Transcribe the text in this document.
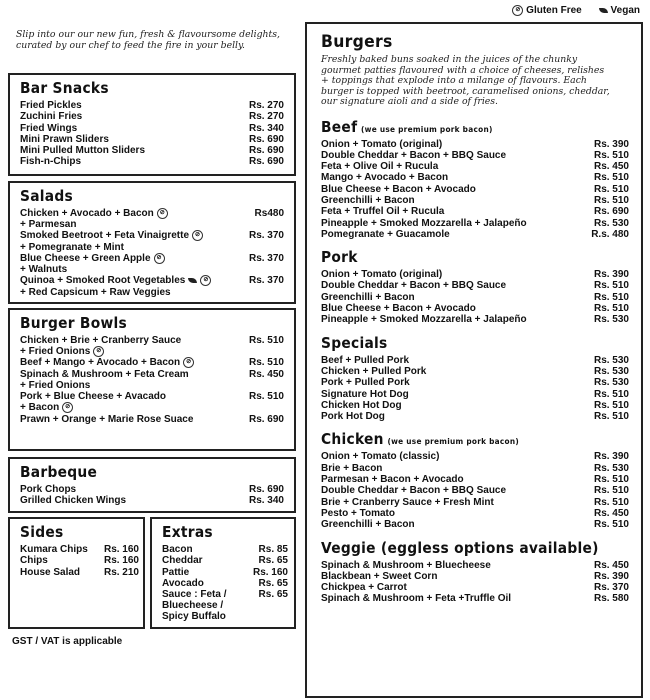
⊘ Gluten Free	Vegan
Slip into our our new fun, fresh & flavoursome delights, curated by our chef to feed the fire in your belly.
Bar Snacks
Fried Pickles	Rs. 270
Zuchini Fries	Rs. 270
Fried Wings	Rs. 340
Mini Prawn Sliders	Rs. 690
Mini Pulled Mutton Sliders	Rs. 690
Fish-n-Chips	Rs. 690
Salads
Chicken + Avocado + Bacon ⊘	Rs480
+ Parmesan
Smoked Beetroot + Feta Vinaigrette ⊘	Rs. 370
+ Pomegranate + Mint
Blue Cheese + Green Apple ⊘	Rs. 370
+ Walnuts
Quinoa + Smoked Root Vegetables	⊘	Rs. 370
+ Red Capsicum + Raw Veggies
Burger Bowls
Chicken + Brie + Cranberry Sauce	Rs. 510
+ Fried Onions ⊘
Beef + Mango + Avocado + Bacon ⊘	Rs. 510
Spinach & Mushroom + Feta Cream	Rs. 450
+ Fried Onions
Pork + Blue Cheese + Avacado	Rs. 510
+ Bacon ⊘
Prawn + Orange + Marie Rose Suace	Rs. 690
Barbeque
Pork Chops	Rs. 690
Grilled Chicken Wings	Rs. 340
Sides
Kumara Chips	Rs. 160
Chips	Rs. 160
House Salad	Rs. 210
Extras
Bacon	Rs. 85
Cheddar	Rs. 65
Pattie	Rs. 160
Avocado	Rs. 65
Sauce : Feta /	Rs. 65
Bluecheese /
Spicy Buffalo
GST / VAT is applicable
Burgers
Freshly baked buns soaked in the juices of the chunky gourmet patties flavoured with a choice of cheeses, relishes + toppings that explode into a milange of flavours. Each burger is topped with beetroot, caramelised onions, cheddar, our signature aioli and a side of fries.
Beef (we use premium pork bacon)
Onion + Tomato (original)	Rs. 390
Double Cheddar + Bacon + BBQ Sauce	Rs. 510
Feta + Olive Oil + Rucula	Rs. 450
Mango + Avocado + Bacon	Rs. 510
Blue Cheese + Bacon + Avocado	Rs. 510
Greenchilli + Bacon	Rs. 510
Feta + Truffel Oil + Rucula	Rs. 690
Pineapple + Smoked Mozzarella + Jalapeño	Rs. 530
Pomegranate + Guacamole	R.s. 480
Pork
Onion + Tomato (original)	Rs. 390
Double Cheddar + Bacon + BBQ Sauce	Rs. 510
Greenchilli + Bacon	Rs. 510
Blue Cheese + Bacon + Avocado	Rs. 510
Pineapple + Smoked Mozzarella + Jalapeño	Rs. 530
Specials
Beef + Pulled Pork	Rs. 530
Chicken + Pulled Pork	Rs. 530
Pork + Pulled Pork	Rs. 530
Signature Hot Dog	Rs. 510
Chicken Hot Dog	Rs. 510
Pork Hot Dog	Rs. 510
Chicken (we use premium pork bacon)
Onion + Tomato (classic)	Rs. 390
Brie + Bacon	Rs. 530
Parmesan + Bacon + Avocado	Rs. 510
Double Cheddar + Bacon + BBQ Sauce	Rs. 510
Brie + Cranberry Sauce + Fresh Mint	Rs. 510
Pesto + Tomato	Rs. 450
Greenchilli + Bacon	Rs. 510
Veggie (eggless options available)
Spinach & Mushroom + Bluecheese	Rs. 450
Blackbean + Sweet Corn	Rs. 390
Chickpea + Carrot	Rs. 370
Spinach & Mushroom + Feta +Truffle Oil	Rs. 580
